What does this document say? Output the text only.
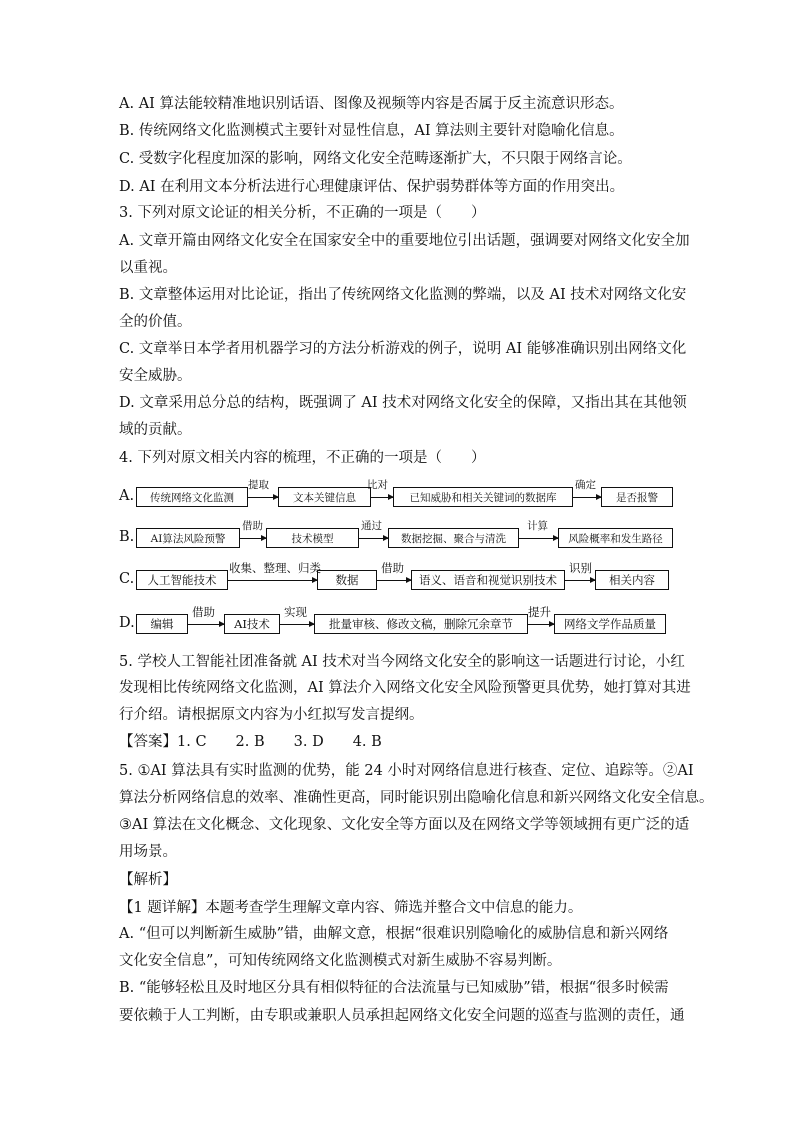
A. AI 算法能较精准地识别话语、图像及视频等内容是否属于反主流意识形态。
B. 传统网络文化监测模式主要针对显性信息，AI 算法则主要针对隐喻化信息。
C. 受数字化程度加深的影响，网络文化安全范畴逐渐扩大，不只限于网络言论。
D. AI 在利用文本分析法进行心理健康评估、保护弱势群体等方面的作用突出。
3. 下列对原文论证的相关分析，不正确的一项是（　　）
A. 文章开篇由网络文化安全在国家安全中的重要地位引出话题，强调要对网络文化安全加
以重视。
B. 文章整体运用对比论证，指出了传统网络文化监测的弊端，以及 AI 技术对网络文化安
全的价值。
C. 文章举日本学者用机器学习的方法分析游戏的例子，说明 AI 能够准确识别出网络文化
安全威胁。
D. 文章采用总分总的结构，既强调了 AI 技术对网络文化安全的保障，又指出其在其他领
域的贡献。
4. 下列对原文相关内容的梳理，不正确的一项是（　　）
A.	传统网络文化监测
提取
文本关键信息
比对
已知威胁和相关关键词的数据库
确定
是否报警
B.	AI算法风险预警
借助
技术模型
通过
数据挖掘、聚合与清洗
计算
风险概率和发生路径
C.	人工智能技术
收集、整理、归类
数据
借助
语义、语音和视觉识别技术
识别
相关内容
D.	编辑
借助
AI技术
实现
批量审核、修改文稿，删除冗余章节
提升
网络文学作品质量
5. 学校人工智能社团准备就 AI 技术对当今网络文化安全的影响这一话题进行讨论，小红
发现相比传统网络文化监测，AI 算法介入网络文化安全风险预警更具优势，她打算对其进
行介绍。请根据原文内容为小红拟写发言提纲。
【答案】1. C　　2. B　　3. D　　4. B
5. ①AI 算法具有实时监测的优势，能 24 小时对网络信息进行核查、定位、追踪等。②AI
算法分析网络信息的效率、准确性更高，同时能识别出隐喻化信息和新兴网络文化安全信息。
③AI 算法在文化概念、文化现象、文化安全等方面以及在网络文学等领域拥有更广泛的适
用场景。
【解析】
【1 题详解】本题考查学生理解文章内容、筛选并整合文中信息的能力。
A. “但可以判断新生威胁”错，曲解文意，根据“很难识别隐喻化的威胁信息和新兴网络
文化安全信息”，可知传统网络文化监测模式对新生威胁不容易判断。
B. “能够轻松且及时地区分具有相似特征的合法流量与已知威胁”错，根据“很多时候需
要依赖于人工判断，由专职或兼职人员承担起网络文化安全问题的巡查与监测的责任，通
